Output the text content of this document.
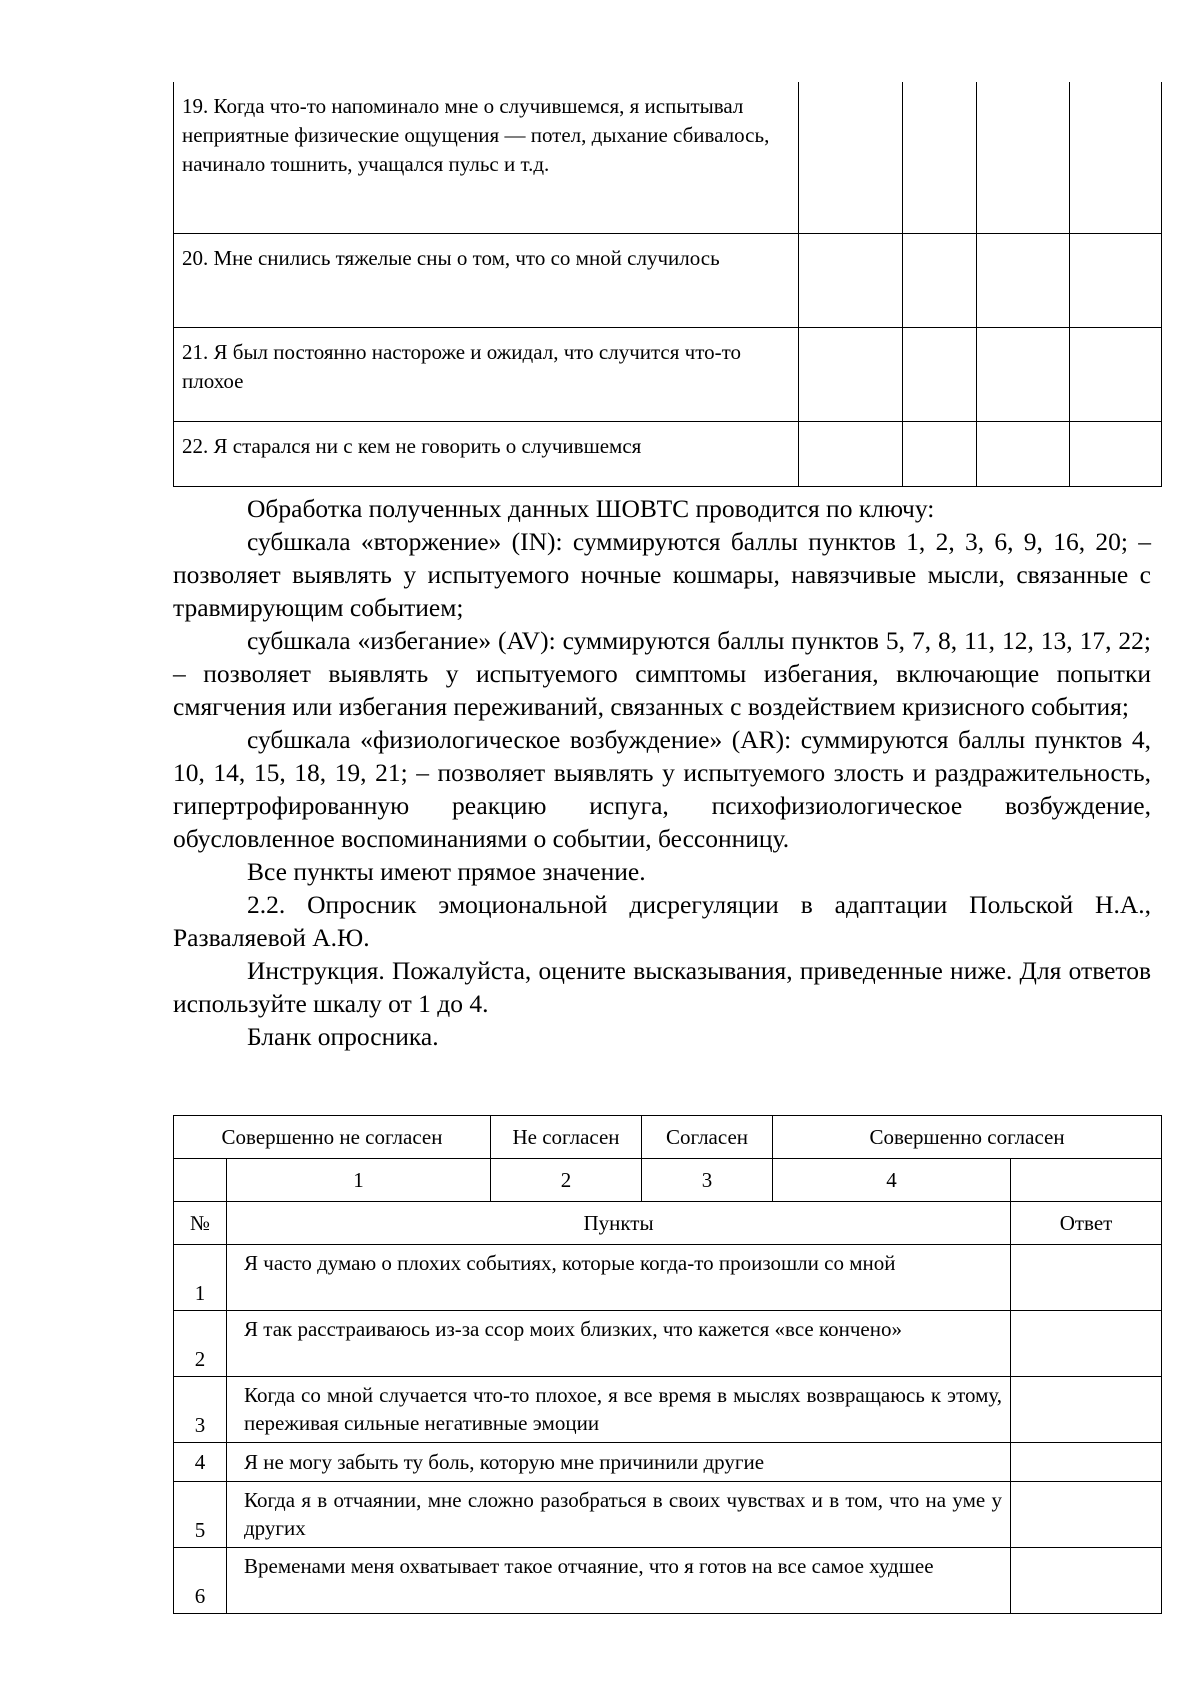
19. Когда что-то напоминало мне о случившемся, я испытывал неприятные физические ощущения — потел, дыхание сбивалось, начинало тошнить, учащался пульс и т.д.				
20. Мне снились тяжелые сны о том, что со мной случилось				
21. Я был постоянно настороже и ожидал, что случится что-то плохое				
22. Я старался ни с кем не говорить о случившемся				

Обработка полученных данных ШОВТС проводится по ключу:

субшкала «вторжение» (IN): суммируются баллы пунктов 1, 2, 3, 6, 9, 16, 20; – позволяет выявлять у испытуемого ночные кошмары, навязчивые мысли, связанные с травмирующим событием;

субшкала «избегание» (AV): суммируются баллы пунктов 5, 7, 8, 11, 12, 13, 17, 22; – позволяет выявлять у испытуемого симптомы избегания, включающие попытки смягчения или избегания переживаний, связанных с воздействием кризисного события;

субшкала «физиологическое возбуждение» (AR): суммируются баллы пунктов 4, 10, 14, 15, 18, 19, 21; – позволяет выявлять у испытуемого злость и раздражительность, гипертрофированную реакцию испуга, психофизиологическое возбуждение, обусловленное воспоминаниями о событии, бессонницу.

Все пункты имеют прямое значение.

2.2. Опросник эмоциональной дисрегуляции в адаптации Польской Н.А., Разваляевой А.Ю.

Инструкция. Пожалуйста, оцените высказывания, приведенные ниже. Для ответов используйте шкалу от 1 до 4.

Бланк опросника.

Совершенно не согласен		Не согласен	Согласен	Совершенно согласен	
	1	2	3	4	
№	Пункты				Ответ
1	Я часто думаю о плохих событиях, которые когда-то произошли со мной				
2	Я так расстраиваюсь из-за ссор моих близких, что кажется «все кончено»				
3	Когда со мной случается что-то плохое, я все время в мыслях возвращаюсь к этому, переживая сильные негативные эмоции				
4	Я не могу забыть ту боль, которую мне причинили другие				
5	Когда я в отчаянии, мне сложно разобраться в своих чувствах и в том, что на уме у других				
6	Временами меня охватывает такое отчаяние, что я готов на все самое худшее				
